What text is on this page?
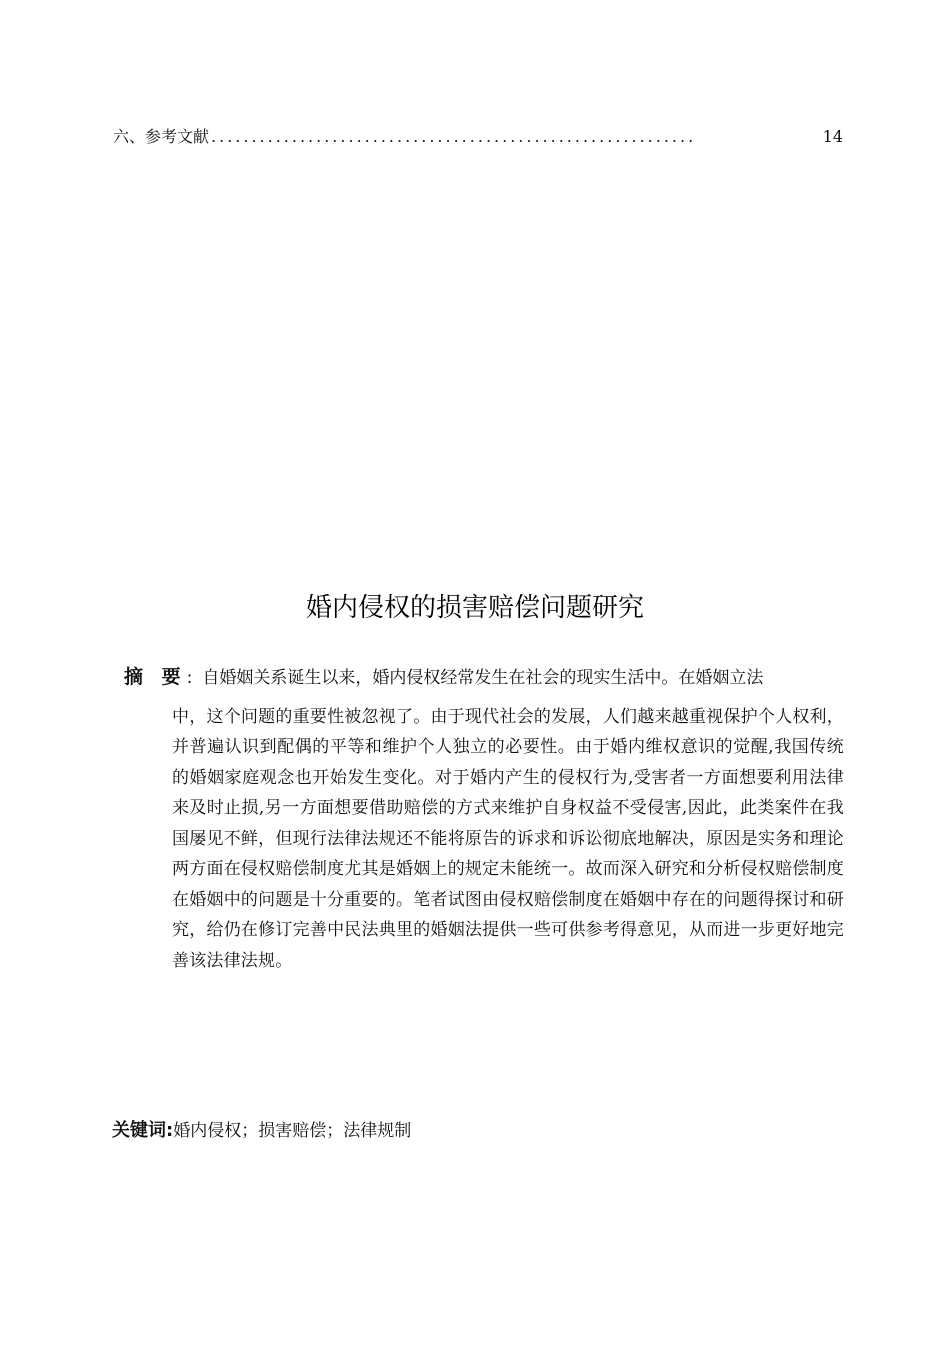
六、参考文献 ............................................................	14
婚内侵权的损害赔偿问题研究
摘 要: 自婚姻关系诞生以来，婚内侵权经常发生在社会的现实生活中。在婚姻立法
中，这个问题的重要性被忽视了。由于现代社会的发展，人们越来越重视保护个人权利，并普遍认识到配偶的平等和维护个人独立的必要性。由于婚内维权意识的觉醒,我国传统的婚姻家庭观念也开始发生变化。对于婚内产生的侵权行为,受害者一方面想要利用法律来及时止损,另一方面想要借助赔偿的方式来维护自身权益不受侵害,因此，此类案件在我国屡见不鲜，但现行法律法规还不能将原告的诉求和诉讼彻底地解决，原因是实务和理论两方面在侵权赔偿制度尤其是婚姻上的规定未能统一。故而深入研究和分析侵权赔偿制度在婚姻中的问题是十分重要的。笔者试图由侵权赔偿制度在婚姻中存在的问题得探讨和研究，给仍在修订完善中民法典里的婚姻法提供一些可供参考得意见，从而进一步更好地完善该法律法规。
关键词:婚内侵权；损害赔偿；法律规制
